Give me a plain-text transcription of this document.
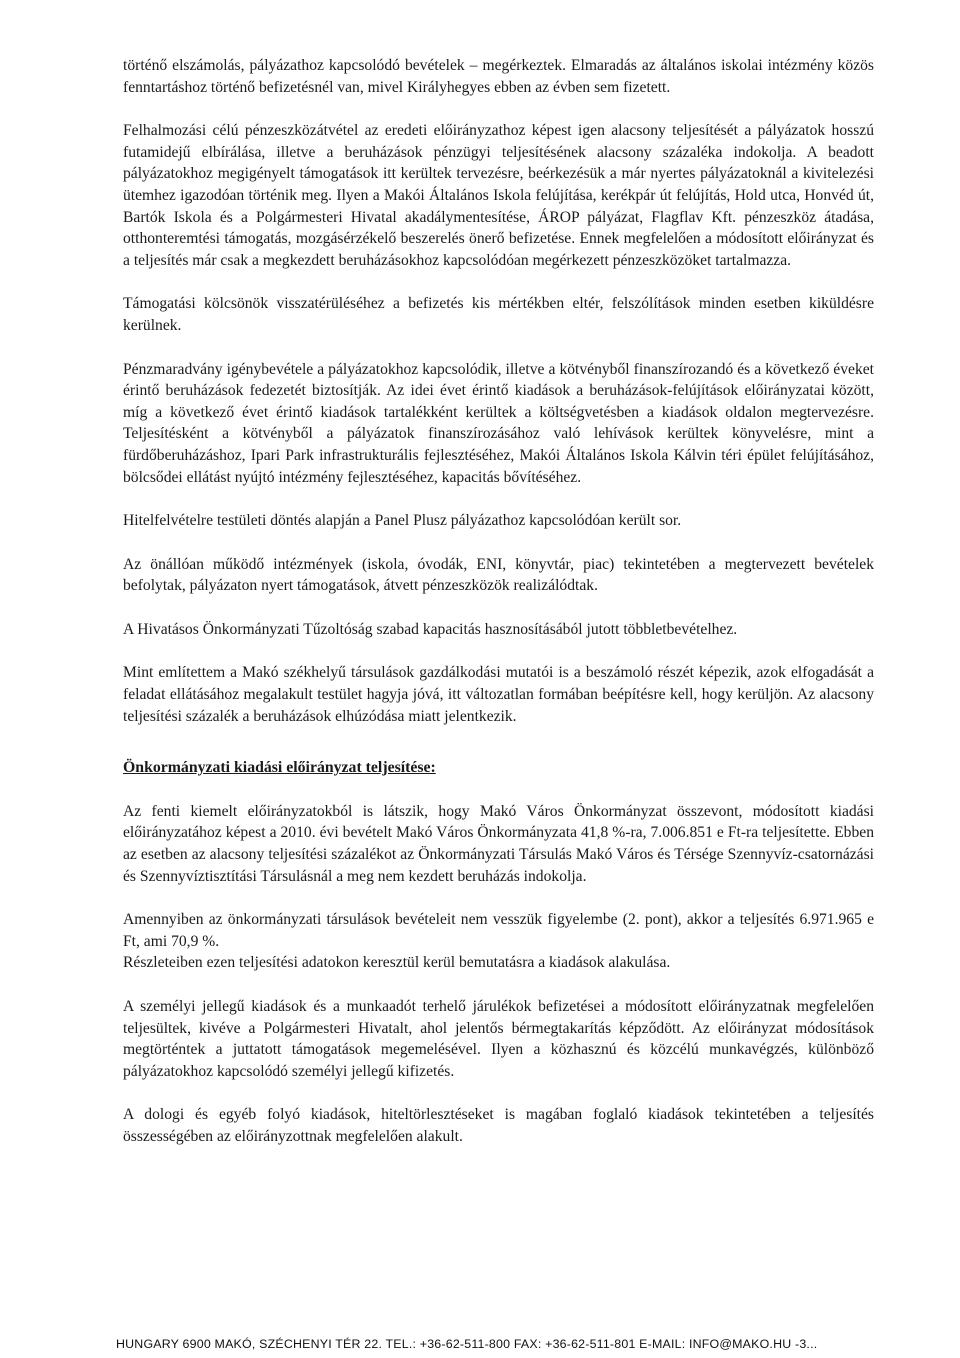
történő elszámolás, pályázathoz kapcsolódó bevételek – megérkeztek. Elmaradás az általános iskolai intézmény közös fenntartáshoz történő befizetésnél van, mivel Királyhegyes ebben az évben sem fizetett.

Felhalmozási célú pénzeszközátvétel az eredeti előirányzathoz képest igen alacsony teljesítését a pályázatok hosszú futamidejű elbírálása, illetve a beruházások pénzügyi teljesítésének alacsony százaléka indokolja. A beadott pályázatokhoz megigényelt támogatások itt kerültek tervezésre, beérkezésük a már nyertes pályázatoknál a kivitelezési ütemhez igazodóan történik meg. Ilyen a Makói Általános Iskola felújítása, kerékpár út felújítás, Hold utca, Honvéd út, Bartók Iskola és a Polgármesteri Hivatal akadálymentesítése, ÁROP pályázat, Flagflav Kft. pénzeszköz átadása, otthonteremtési támogatás, mozgásérzékelő beszerelés önerő befizetése. Ennek megfelelően a módosított előirányzat és a teljesítés már csak a megkezdett beruházásokhoz kapcsolódóan megérkezett pénzeszközöket tartalmazza.

Támogatási kölcsönök visszatérüléséhez a befizetés kis mértékben eltér, felszólítások minden esetben kiküldésre kerülnek.

Pénzmaradvány igénybevétele a pályázatokhoz kapcsolódik, illetve a kötvényből finanszírozandó és a következő éveket érintő beruházások fedezetét biztosítják. Az idei évet érintő kiadások a beruházások-felújítások előirányzatai között, míg a következő évet érintő kiadások tartalékként kerültek a költségvetésben a kiadások oldalon megtervezésre. Teljesítésként a kötvényből a pályázatok finanszírozásához való lehívások kerültek könyvelésre, mint a fürdőberuházáshoz, Ipari Park infrastrukturális fejlesztéséhez, Makói Általános Iskola Kálvin téri épület felújításához, bölcsődei ellátást nyújtó intézmény fejlesztéséhez, kapacitás bővítéséhez.

Hitelfelvételre testületi döntés alapján a Panel Plusz pályázathoz kapcsolódóan került sor.

Az önállóan működő intézmények (iskola, óvodák, ENI, könyvtár, piac) tekintetében a megtervezett bevételek befolytak, pályázaton nyert támogatások, átvett pénzeszközök realizálódtak.

A Hivatásos Önkormányzati Tűzoltóság szabad kapacitás hasznosításából jutott többletbevételhez.

Mint említettem a Makó székhelyű társulások gazdálkodási mutatói is a beszámoló részét képezik, azok elfogadását a feladat ellátásához megalakult testület hagyja jóvá, itt változatlan formában beépítésre kell, hogy kerüljön. Az alacsony teljesítési százalék a beruházások elhúzódása miatt jelentkezik.

Önkormányzati kiadási előirányzat teljesítése:

Az fenti kiemelt előirányzatokból is látszik, hogy Makó Város Önkormányzat összevont, módosított kiadási előirányzatához képest a 2010. évi bevételt Makó Város Önkormányzata 41,8 %-ra, 7.006.851 e Ft-ra teljesítette. Ebben az esetben az alacsony teljesítési százalékot az Önkormányzati Társulás Makó Város és Térsége Szennyvíz-csatornázási és Szennyvíztisztítási Társulásnál a meg nem kezdett beruházás indokolja.

Amennyiben az önkormányzati társulások bevételeit nem vesszük figyelembe (2. pont), akkor a teljesítés 6.971.965 e Ft, ami 70,9 %.

Részleteiben ezen teljesítési adatokon keresztül kerül bemutatásra a kiadások alakulása.

A személyi jellegű kiadások és a munkaadót terhelő járulékok befizetései a módosított előirányzatnak megfelelően teljesültek, kivéve a Polgármesteri Hivatalt, ahol jelentős bérmegtakarítás képződött. Az előirányzat módosítások megtörténtek a juttatott támogatások megemelésével. Ilyen a közhasznú és közcélú munkavégzés, különböző pályázatokhoz kapcsolódó személyi jellegű kifizetés.

A dologi és egyéb folyó kiadások, hiteltörlesztéseket is magában foglaló kiadások tekintetében a teljesítés összességében az előirányzottnak megfelelően alakult.

HUNGARY 6900 MAKÓ, SZÉCHENYI TÉR 22. TEL.: +36-62-511-800 FAX: +36-62-511-801 E-MAIL: INFO@MAKO.HU -3...
